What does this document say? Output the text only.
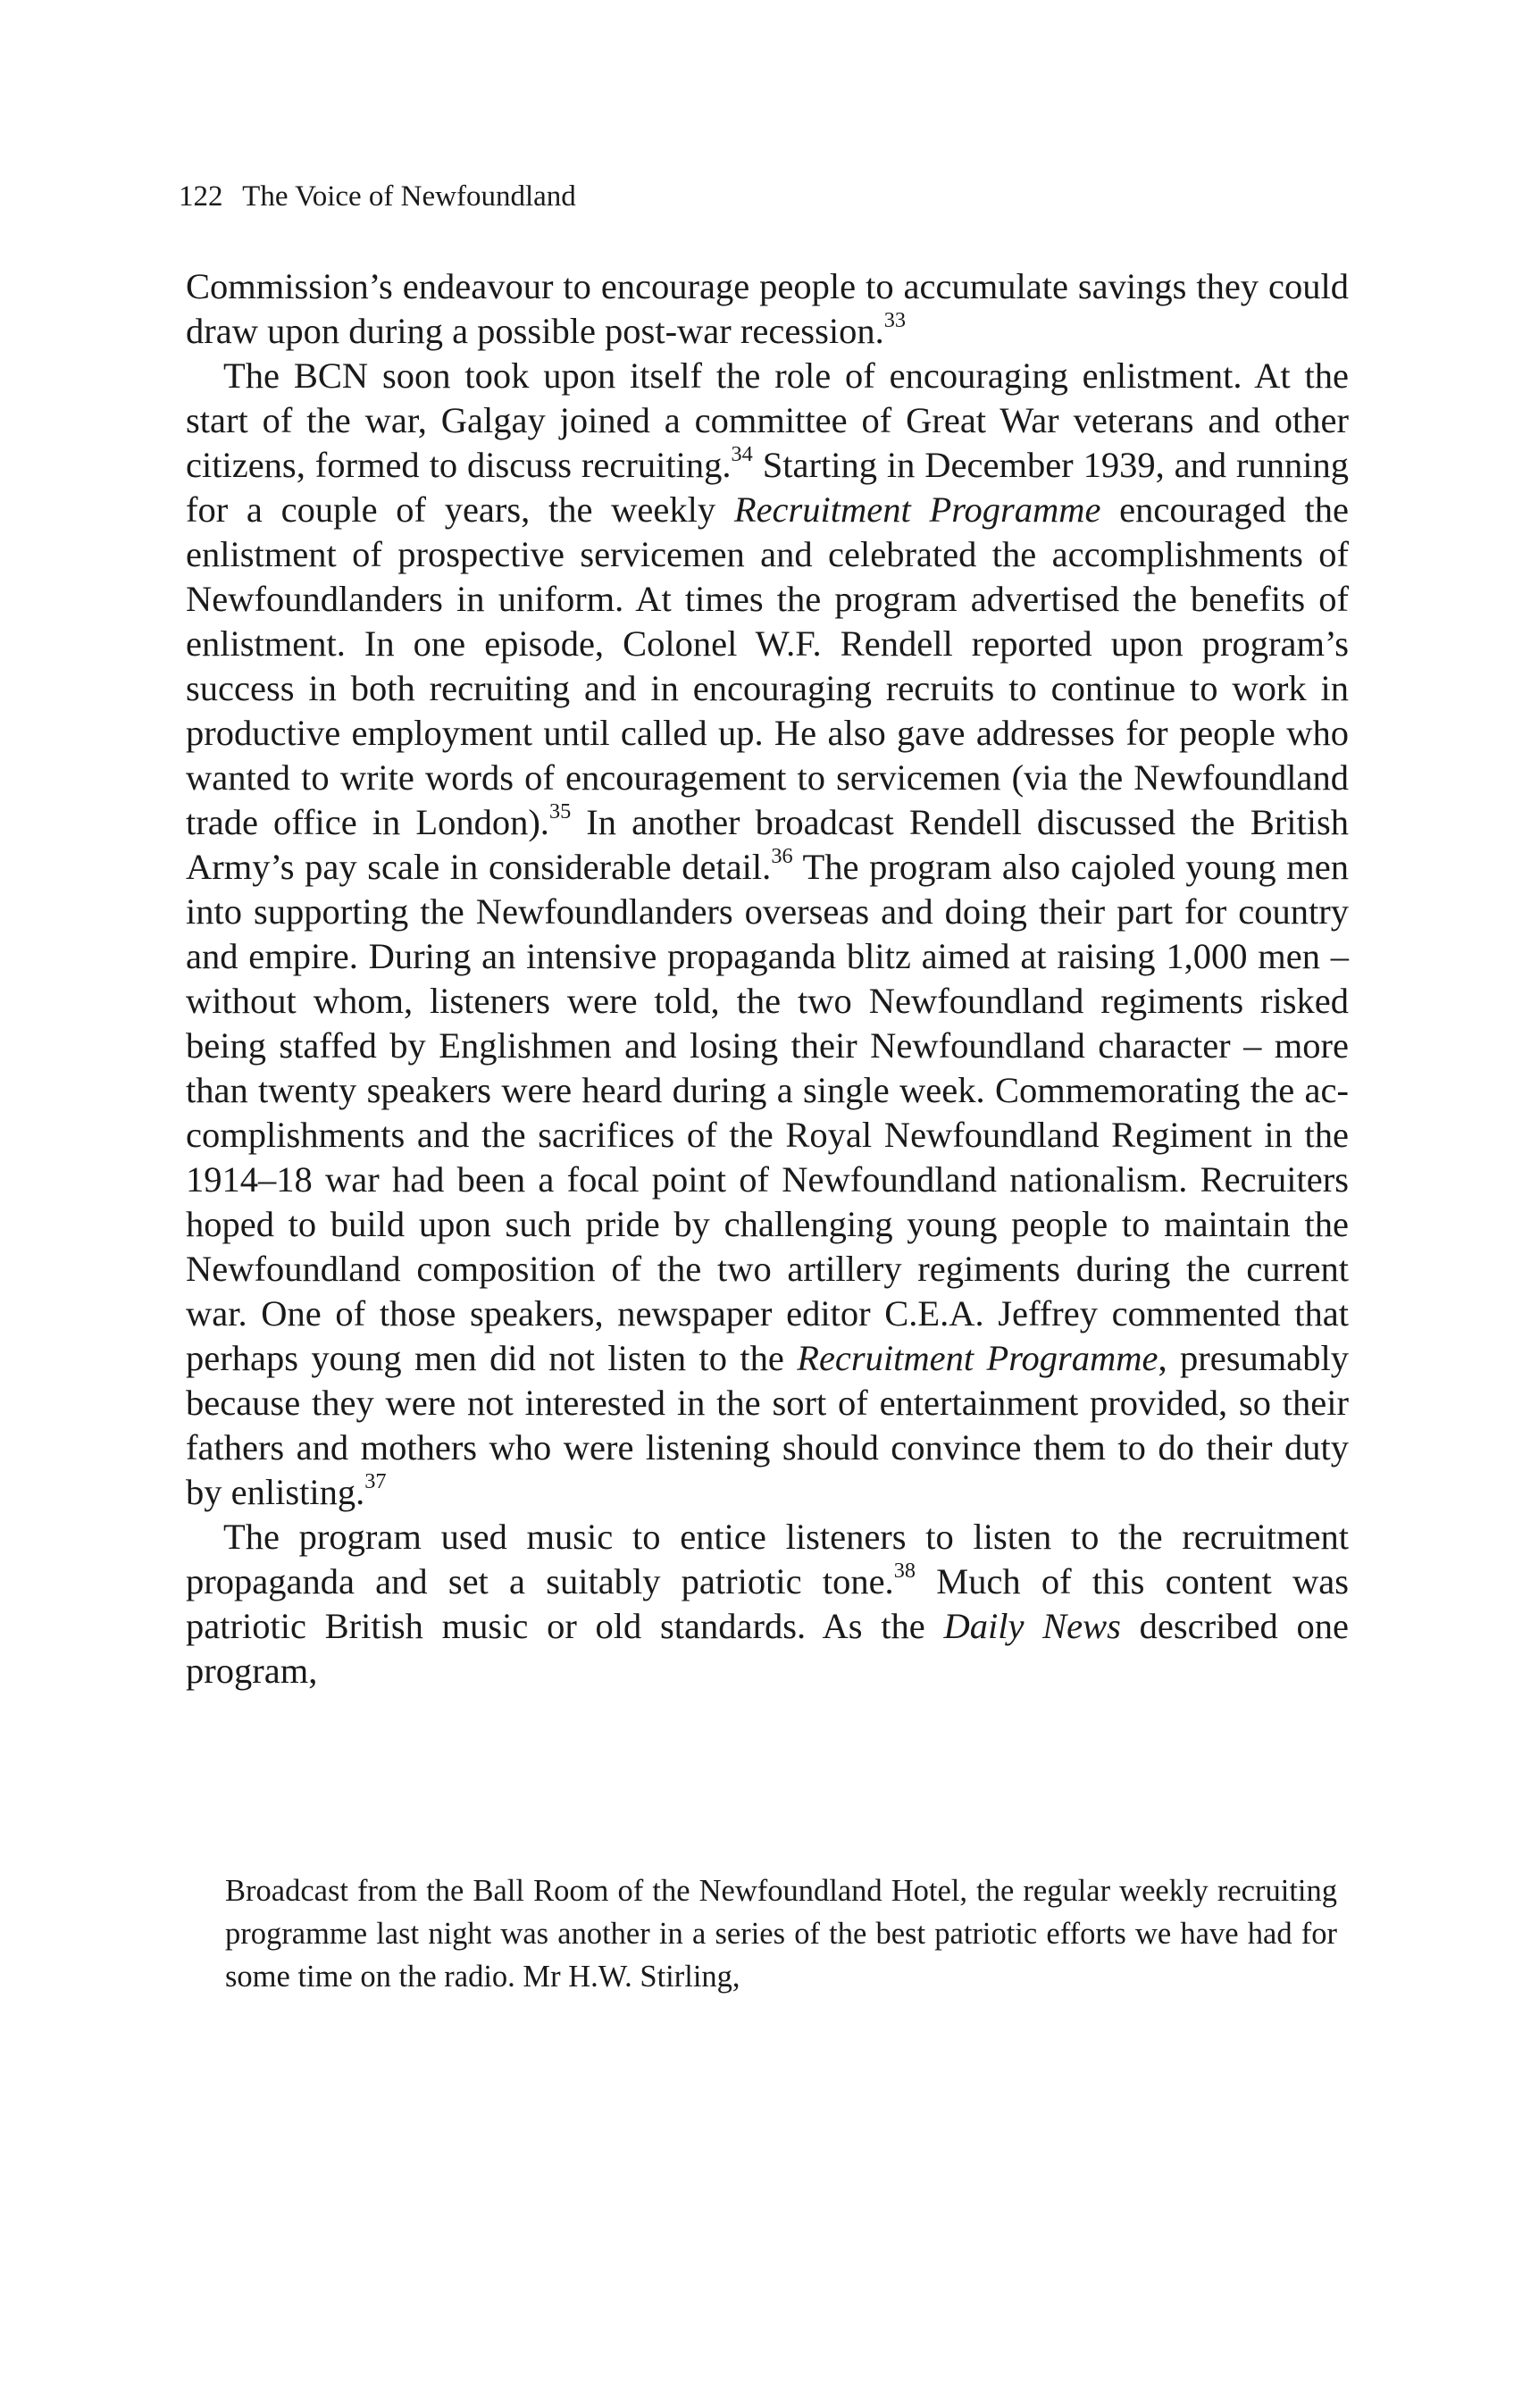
122 The Voice of Newfoundland

Commission’s endeavour to encourage people to accumulate savings they could draw upon during a possible post-war recession.$^{33}$

The BCN soon took upon itself the role of encouraging enlistment. At the start of the war, Galgay joined a committee of Great War veterans and other citizens, formed to discuss recruiting.$^{34}$ Starting in December 1939, and running for a couple of years, the weekly Recruitment Programme encouraged the enlistment of prospective servicemen and celebrated the accomplishments of Newfoundlanders in uniform. At times the program advertised the benefits of enlistment. In one episode, Colonel W.F. Rendell reported upon program’s success in both recruiting and in encouraging recruits to continue to work in productive employment until called up. He also gave addresses for people who wanted to write words of encouragement to servicemen (via the Newfoundland trade office in London).$^{35}$ In another broadcast Rendell discussed the British Army’s pay scale in considerable detail.$^{36}$ The program also cajoled young men into supporting the Newfoundlanders overseas and doing their part for country and empire. During an intensive propaganda blitz aimed at raising 1,000 men – without whom, listeners were told, the two Newfoundland regiments risked being staffed by Englishmen and losing their Newfoundland character – more than twenty speakers were heard during a single week. Commemorating the accomplishments and the sacrifices of the Royal Newfoundland Regiment in the 1914–18 war had been a focal point of Newfoundland nationalism. Recruiters hoped to build upon such pride by challenging young people to maintain the Newfoundland composition of the two artillery regiments during the current war. One of those speakers, newspaper editor C.E.A. Jeffrey commented that perhaps young men did not listen to the Recruitment Programme, presumably because they were not interested in the sort of entertainment provided, so their fathers and mothers who were listening should convince them to do their duty by enlisting.$^{37}$

The program used music to entice listeners to listen to the recruitment propaganda and set a suitably patriotic tone.$^{38}$ Much of this content was patriotic British music or old standards. As the Daily News described one program,

Broadcast from the Ball Room of the Newfoundland Hotel, the regular weekly recruiting programme last night was another in a series of the best patriotic efforts we have had for some time on the radio. Mr H.W. Stirling,
